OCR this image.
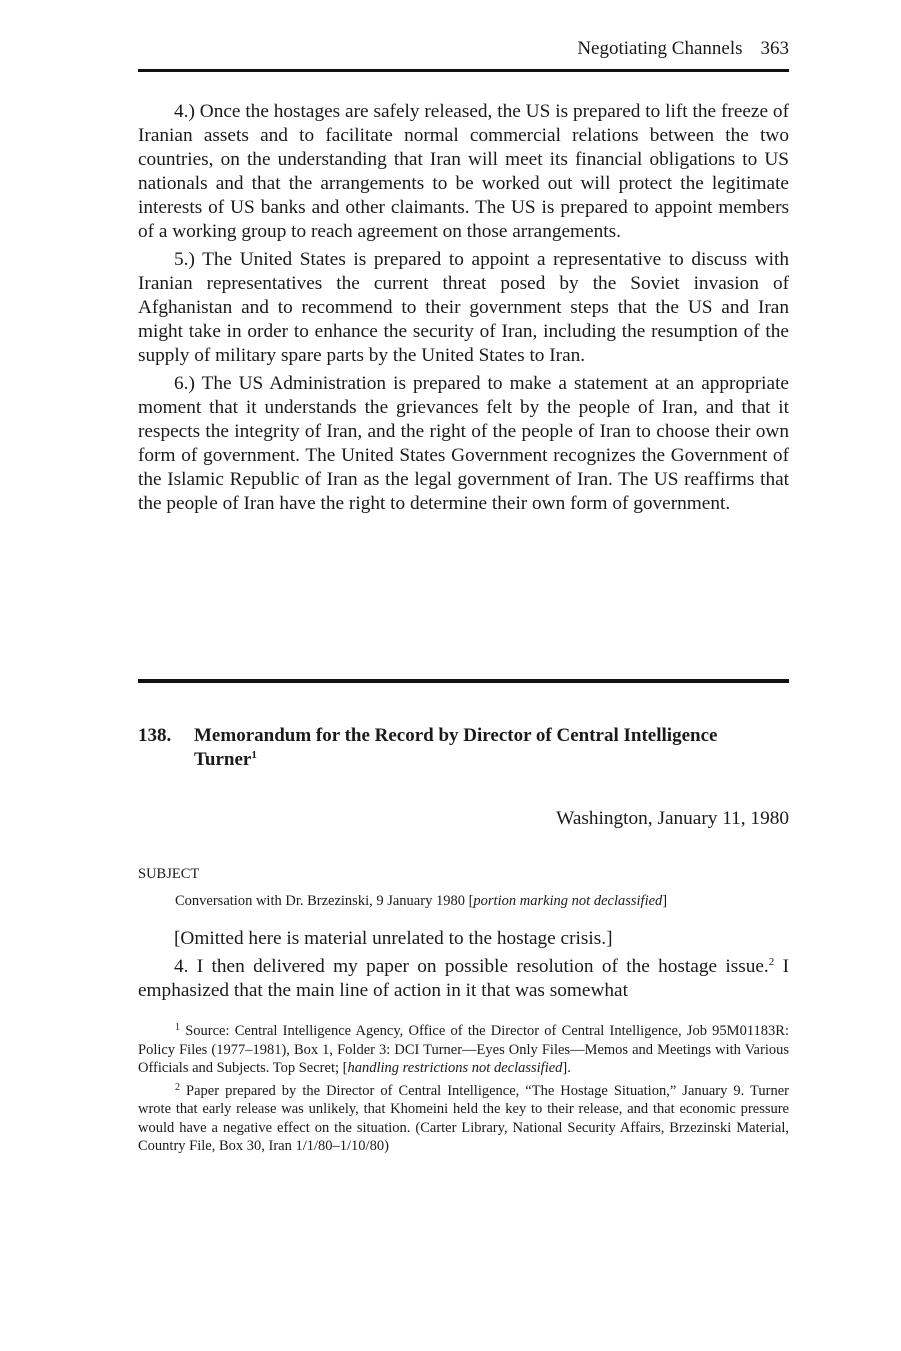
Negotiating Channels 363

4.) Once the hostages are safely released, the US is prepared to lift the freeze of Iranian assets and to facilitate normal commercial relations between the two countries, on the understanding that Iran will meet its financial obligations to US nationals and that the arrangements to be worked out will protect the legitimate interests of US banks and other claimants. The US is prepared to appoint members of a working group to reach agreement on those arrangements.

5.) The United States is prepared to appoint a representative to discuss with Iranian representatives the current threat posed by the Soviet invasion of Afghanistan and to recommend to their government steps that the US and Iran might take in order to enhance the security of Iran, including the resumption of the supply of military spare parts by the United States to Iran.

6.) The US Administration is prepared to make a statement at an appropriate moment that it understands the grievances felt by the people of Iran, and that it respects the integrity of Iran, and the right of the people of Iran to choose their own form of government. The United States Government recognizes the Government of the Islamic Republic of Iran as the legal government of Iran. The US reaffirms that the people of Iran have the right to determine their own form of government.

138. Memorandum for the Record by Director of Central Intelligence Turner$^1$
Washington, January 11, 1980
SUBJECT
Conversation with Dr. Brzezinski, 9 January 1980 [portion marking not declassified]

[Omitted here is material unrelated to the hostage crisis.]

4. I then delivered my paper on possible resolution of the hostage issue.$^2$ I emphasized that the main line of action in it that was somewhat

$^1$ Source: Central Intelligence Agency, Office of the Director of Central Intelligence, Job 95M01183R: Policy Files (1977–1981), Box 1, Folder 3: DCI Turner—Eyes Only Files—Memos and Meetings with Various Officials and Subjects. Top Secret; [handling restrictions not declassified].

$^2$ Paper prepared by the Director of Central Intelligence, “The Hostage Situation,” January 9. Turner wrote that early release was unlikely, that Khomeini held the key to their release, and that economic pressure would have a negative effect on the situation. (Carter Library, National Security Affairs, Brzezinski Material, Country File, Box 30, Iran 1/1/80–1/10/80)
